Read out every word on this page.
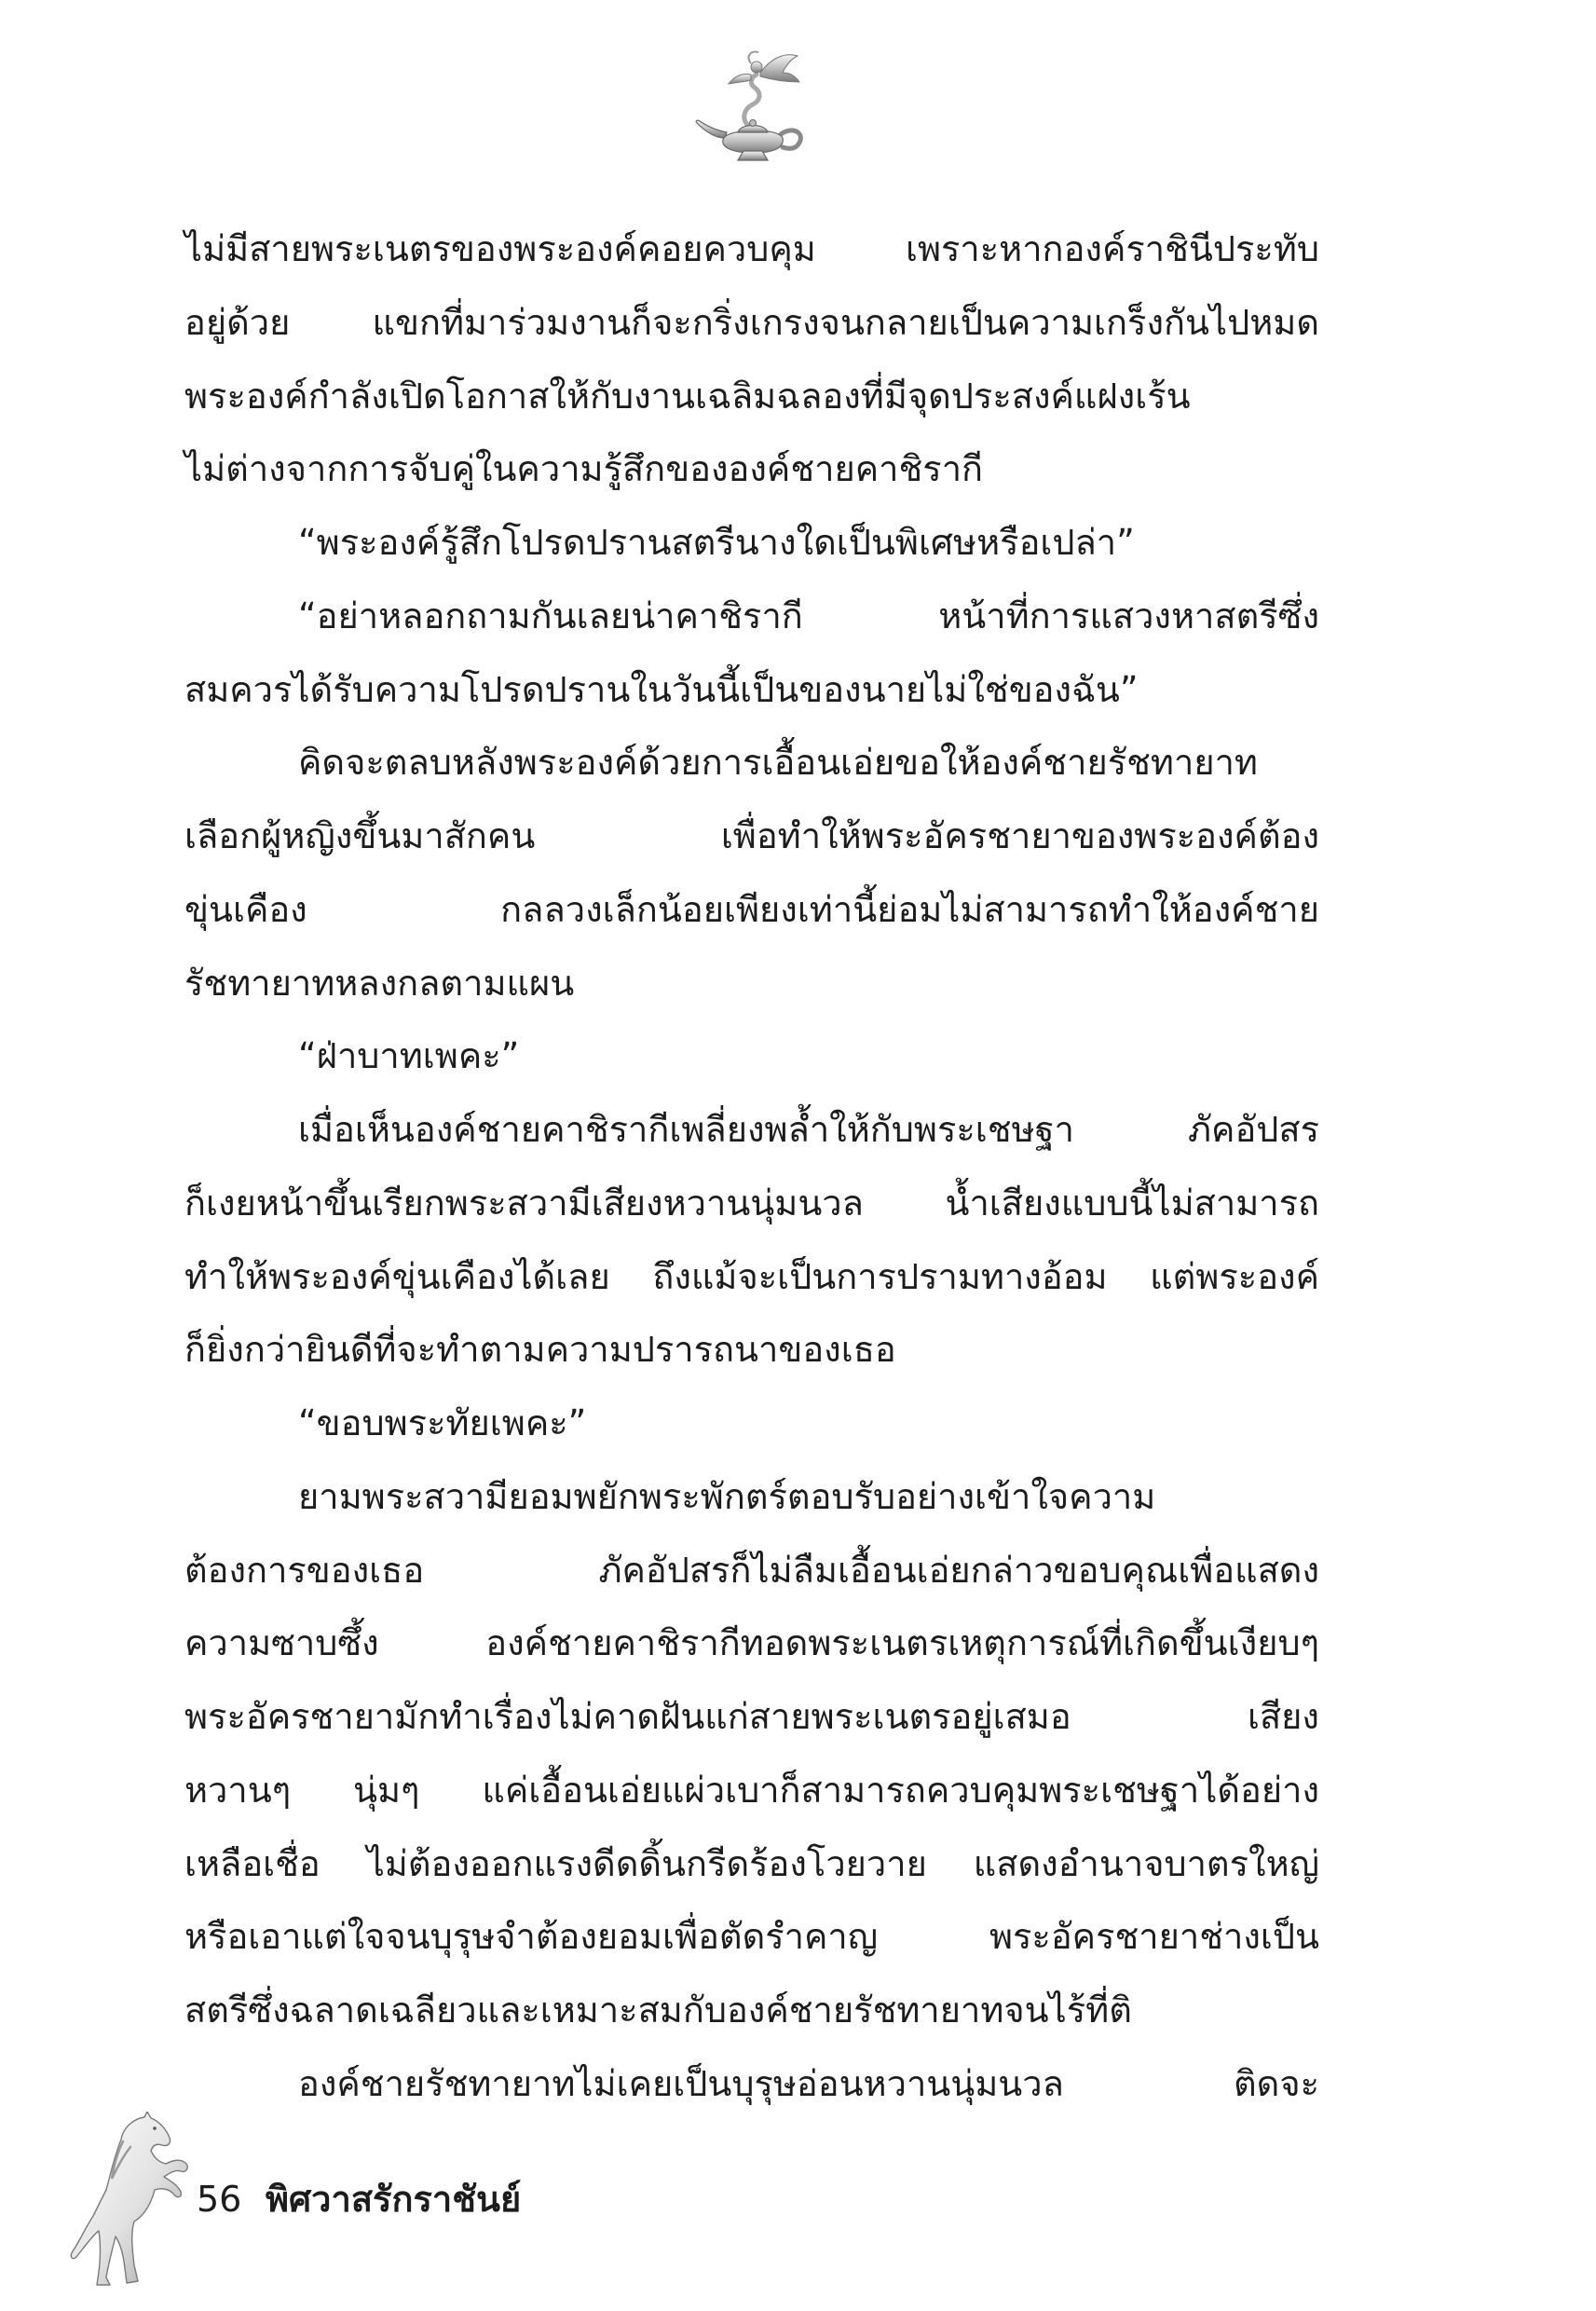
ไม่มีสายพระเนตรของพระองค์คอยควบคุม เพราะหากองค์ราชินีประทับ
อยู่ด้วย แขกที่มาร่วมงานก็จะกริ่งเกรงจนกลายเป็นความเกร็งกันไปหมด
พระองค์กำลังเปิดโอกาสให้กับงานเฉลิมฉลองที่มีจุดประสงค์แฝงเร้น
ไม่ต่างจากการจับคู่ในความรู้สึกขององค์ชายคาชิรากี
“พระองค์รู้สึกโปรดปรานสตรีนางใดเป็นพิเศษหรือเปล่า”
“อย่าหลอกถามกันเลยน่าคาชิรากี หน้าที่การแสวงหาสตรีซึ่ง
สมควรได้รับความโปรดปรานในวันนี้เป็นของนายไม่ใช่ของฉัน”
คิดจะตลบหลังพระองค์ด้วยการเอื้อนเอ่ยขอให้องค์ชายรัชทายาท
เลือกผู้หญิงขึ้นมาสักคน เพื่อทำให้พระอัครชายาของพระองค์ต้อง
ขุ่นเคือง กลลวงเล็กน้อยเพียงเท่านี้ย่อมไม่สามารถทำให้องค์ชาย
รัชทายาทหลงกลตามแผน
“ฝ่าบาทเพคะ”
เมื่อเห็นองค์ชายคาชิรากีเพลี่ยงพล้ำให้กับพระเชษฐา ภัคอัปสร
ก็เงยหน้าขึ้นเรียกพระสวามีเสียงหวานนุ่มนวล น้ำเสียงแบบนี้ไม่สามารถ
ทำให้พระองค์ขุ่นเคืองได้เลย ถึงแม้จะเป็นการปรามทางอ้อม แต่พระองค์
ก็ยิ่งกว่ายินดีที่จะทำตามความปรารถนาของเธอ
“ขอบพระทัยเพคะ”
ยามพระสวามียอมพยักพระพักตร์ตอบรับอย่างเข้าใจความ
ต้องการของเธอ ภัคอัปสรก็ไม่ลืมเอื้อนเอ่ยกล่าวขอบคุณเพื่อแสดง
ความซาบซึ้ง องค์ชายคาชิรากีทอดพระเนตรเหตุการณ์ที่เกิดขึ้นเงียบๆ
พระอัครชายามักทำเรื่องไม่คาดฝันแก่สายพระเนตรอยู่เสมอ เสียง
หวานๆ นุ่มๆ แค่เอื้อนเอ่ยแผ่วเบาก็สามารถควบคุมพระเชษฐาได้อย่าง
เหลือเชื่อ ไม่ต้องออกแรงดีดดิ้นกรีดร้องโวยวาย แสดงอำนาจบาตรใหญ่
หรือเอาแต่ใจจนบุรุษจำต้องยอมเพื่อตัดรำคาญ พระอัครชายาช่างเป็น
สตรีซึ่งฉลาดเฉลียวและเหมาะสมกับองค์ชายรัชทายาทจนไร้ที่ติ
องค์ชายรัชทายาทไม่เคยเป็นบุรุษอ่อนหวานนุ่มนวล ติดจะ
56 พิศวาสรักราชันย์
